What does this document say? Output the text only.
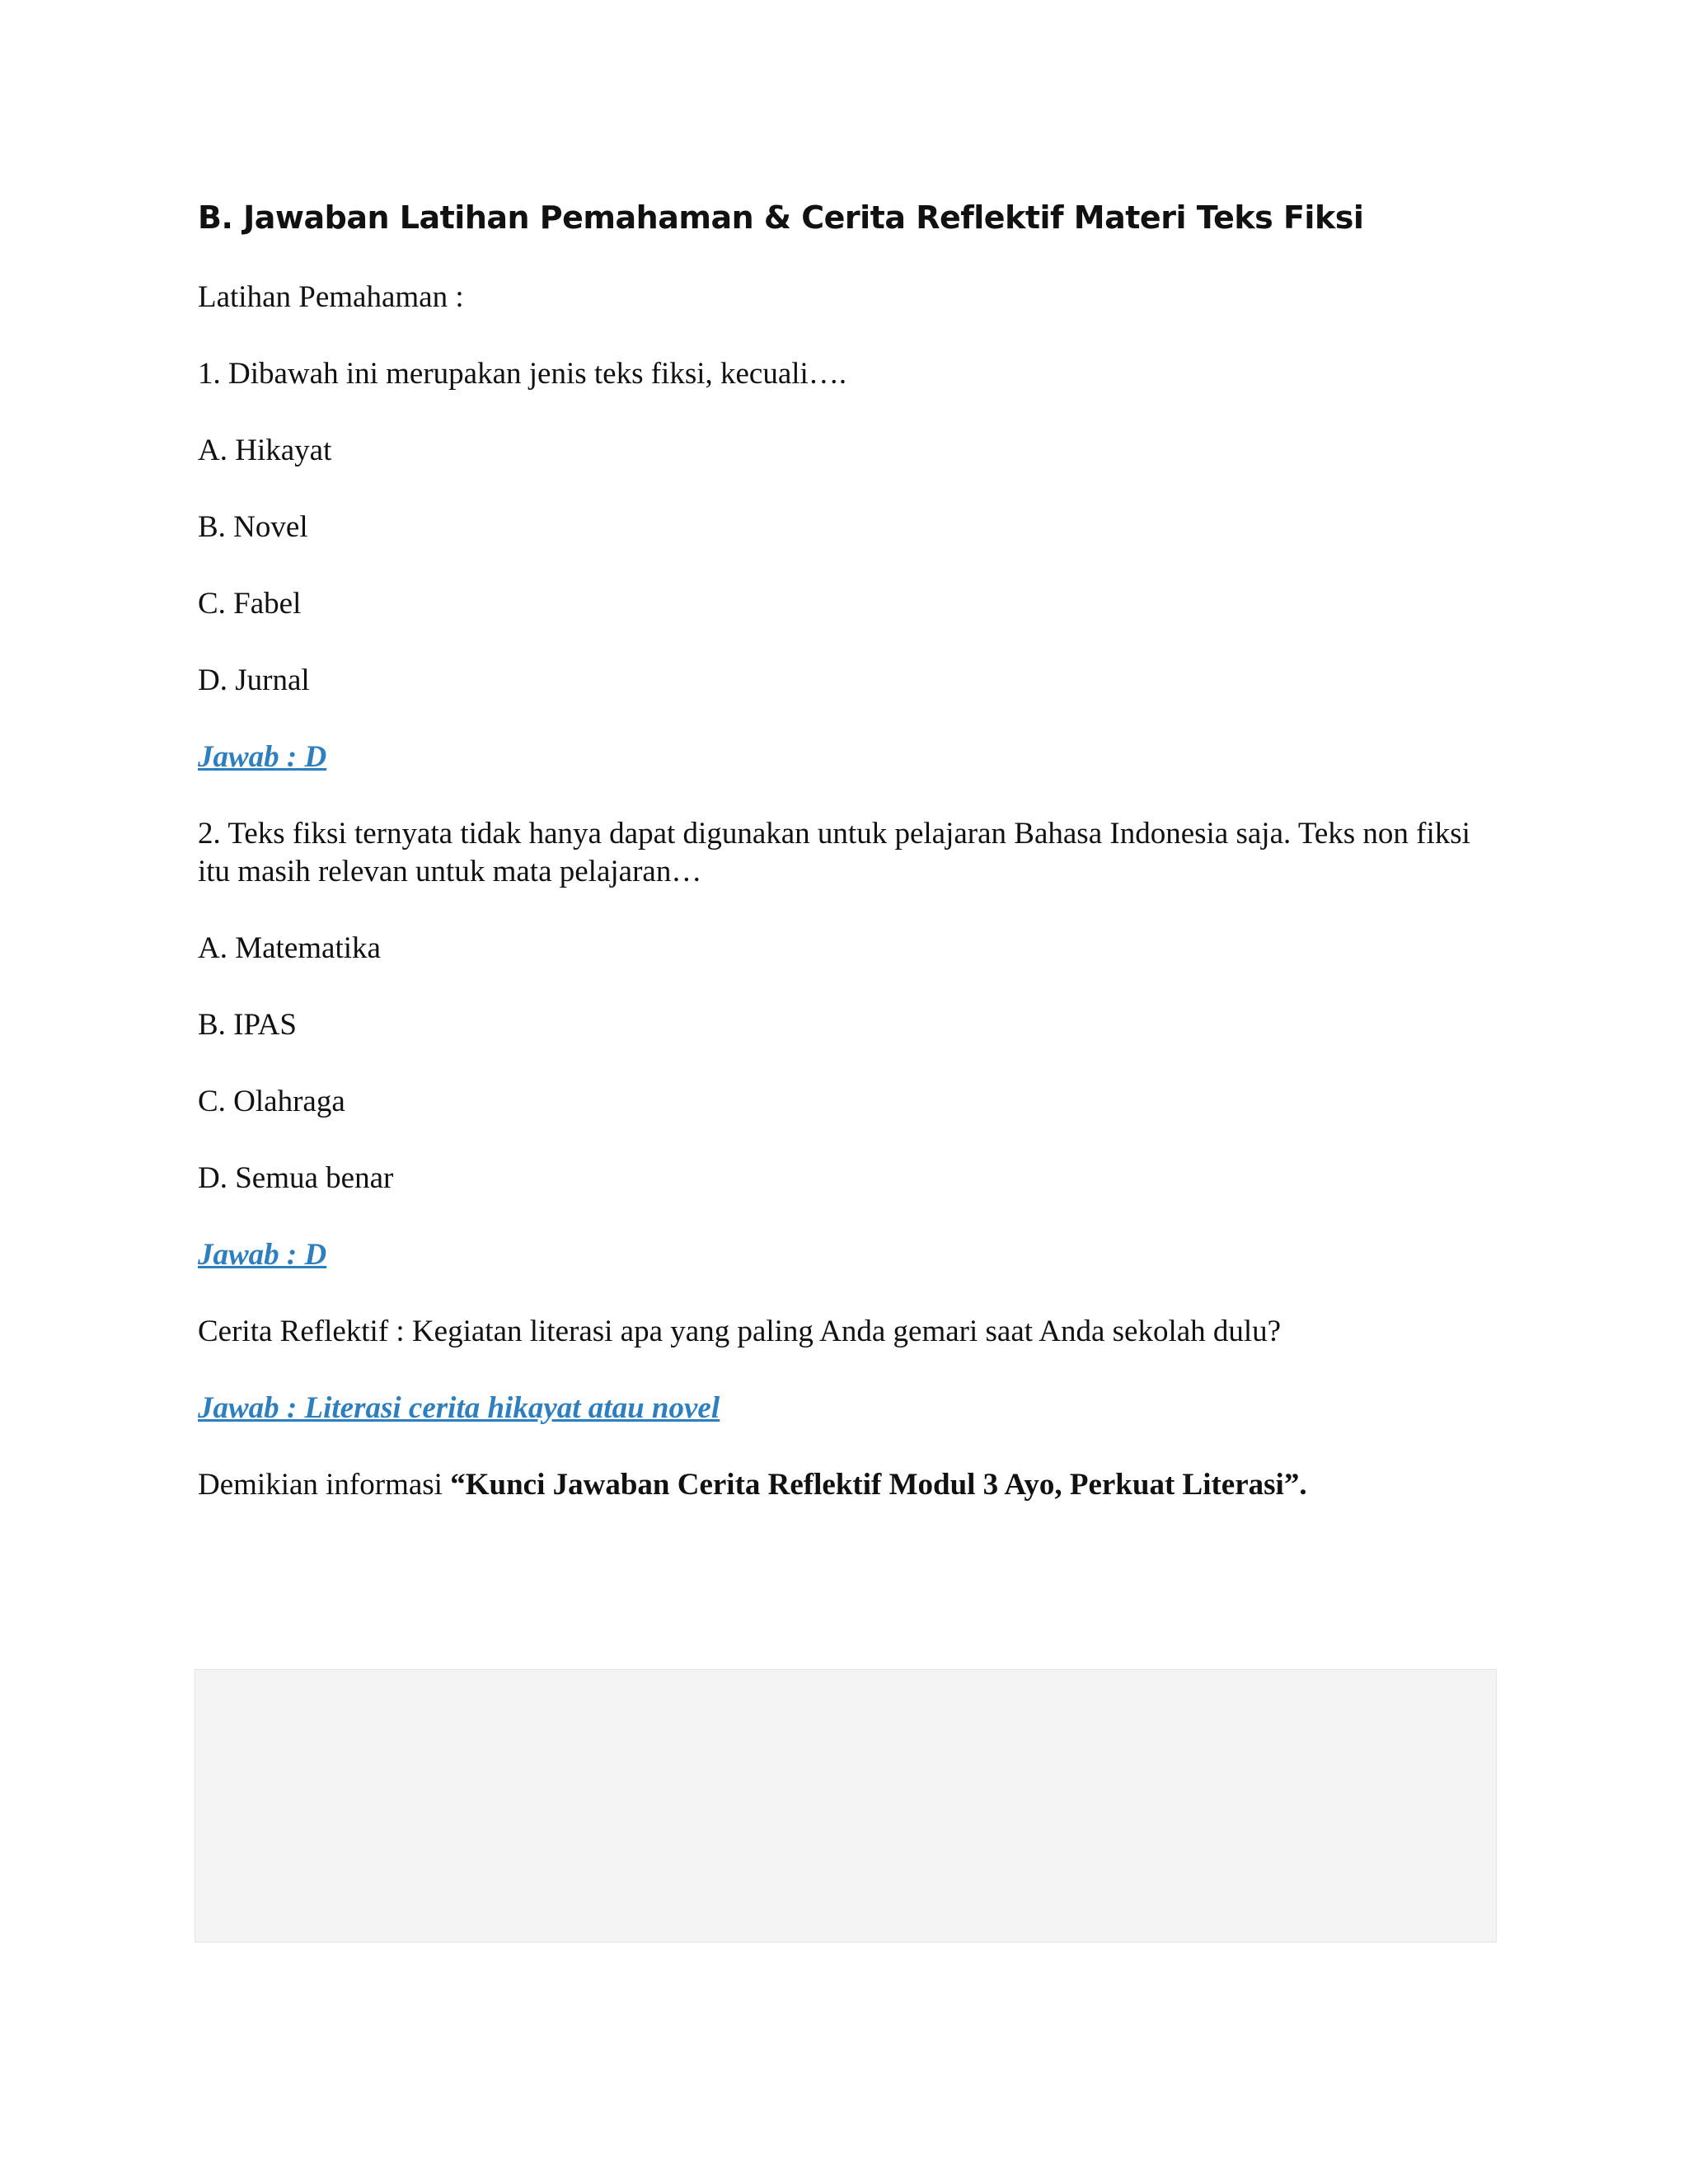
B. Jawaban Latihan Pemahaman & Cerita Reflektif Materi Teks Fiksi
Latihan Pemahaman :
1. Dibawah ini merupakan jenis teks fiksi, kecuali….
A. Hikayat
B. Novel
C. Fabel
D. Jurnal
Jawab : D
2. Teks fiksi ternyata tidak hanya dapat digunakan untuk pelajaran Bahasa Indonesia saja. Teks non fiksi itu masih relevan untuk mata pelajaran…
A. Matematika
B. IPAS
C. Olahraga
D. Semua benar
Jawab : D
Cerita Reflektif : Kegiatan literasi apa yang paling Anda gemari saat Anda sekolah dulu?
Jawab : Literasi cerita hikayat atau novel
Demikian informasi “Kunci Jawaban Cerita Reflektif Modul 3 Ayo, Perkuat Literasi”.
